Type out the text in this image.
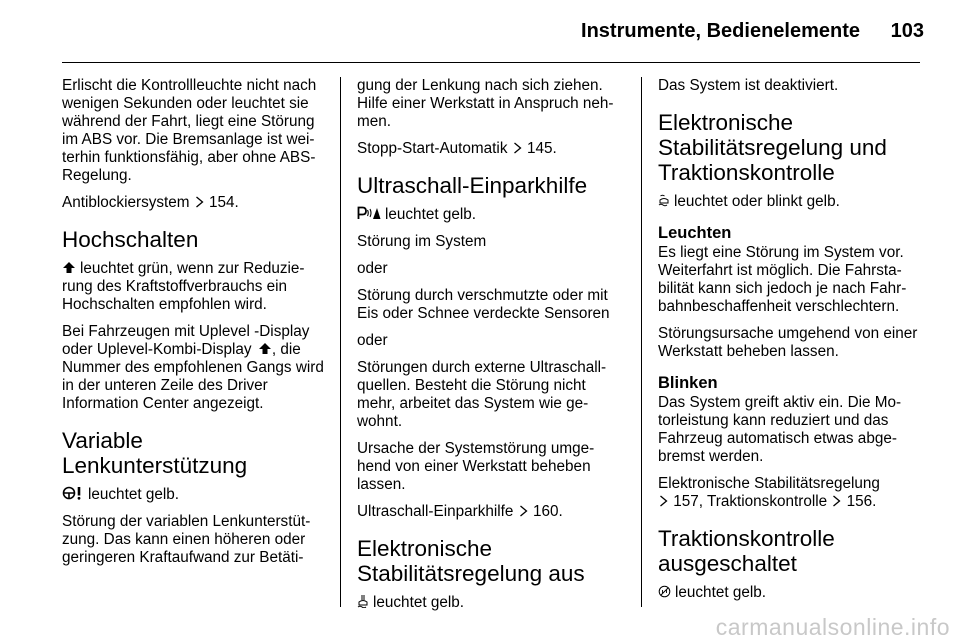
Instrumente, Bedienelemente	103

Erlischt die Kontrollleuchte nicht nach wenigen Sekunden oder leuchtet sie während der Fahrt, liegt eine Störung im ABS vor. Die Bremsanlage ist wei-terhin funktionsfähig, aber ohne ABS-Regelung.

Antiblockiersystem 154.

Hochschalten

leuchtet grün, wenn zur Reduzie-rung des Kraftstoffverbrauchs ein Hochschalten empfohlen wird.

Bei Fahrzeugen mit Uplevel -Display oder Uplevel-Kombi-Display , die Nummer des empfohlenen Gangs wird in der unteren Zeile des Driver Information Center angezeigt.

Variable
Lenkunterstützung

leuchtet gelb.

Störung der variablen Lenkunterstüt-zung. Das kann einen höheren oder geringeren Kraftaufwand zur Betäti-

gung der Lenkung nach sich ziehen. Hilfe einer Werkstatt in Anspruch neh-men.

Stopp-Start-Automatik 145.

Ultraschall-Einparkhilfe

leuchtet gelb.

Störung im System

oder

Störung durch verschmutzte oder mit Eis oder Schnee verdeckte Sensoren

oder

Störungen durch externe Ultraschall-quellen. Besteht die Störung nicht mehr, arbeitet das System wie ge-wohnt.

Ursache der Systemstörung umge-hend von einer Werkstatt beheben lassen.

Ultraschall-Einparkhilfe 160.

Elektronische
Stabilitätsregelung aus

leuchtet gelb.

Das System ist deaktiviert.

Elektronische
Stabilitätsregelung und
Traktionskontrolle

leuchtet oder blinkt gelb.

Leuchten

Es liegt eine Störung im System vor. Weiterfahrt ist möglich. Die Fahrsta-bilität kann sich jedoch je nach Fahr-bahnbeschaffenheit verschlechtern.

Störungsursache umgehend von einer Werkstatt beheben lassen.

Blinken

Das System greift aktiv ein. Die Mo-torleistung kann reduziert und das Fahrzeug automatisch etwas abge-bremst werden.

Elektronische Stabilitätsregelung

157, Traktionskontrolle 156.

Traktionskontrolle
ausgeschaltet

leuchtet gelb.

carmanualsonline.info
